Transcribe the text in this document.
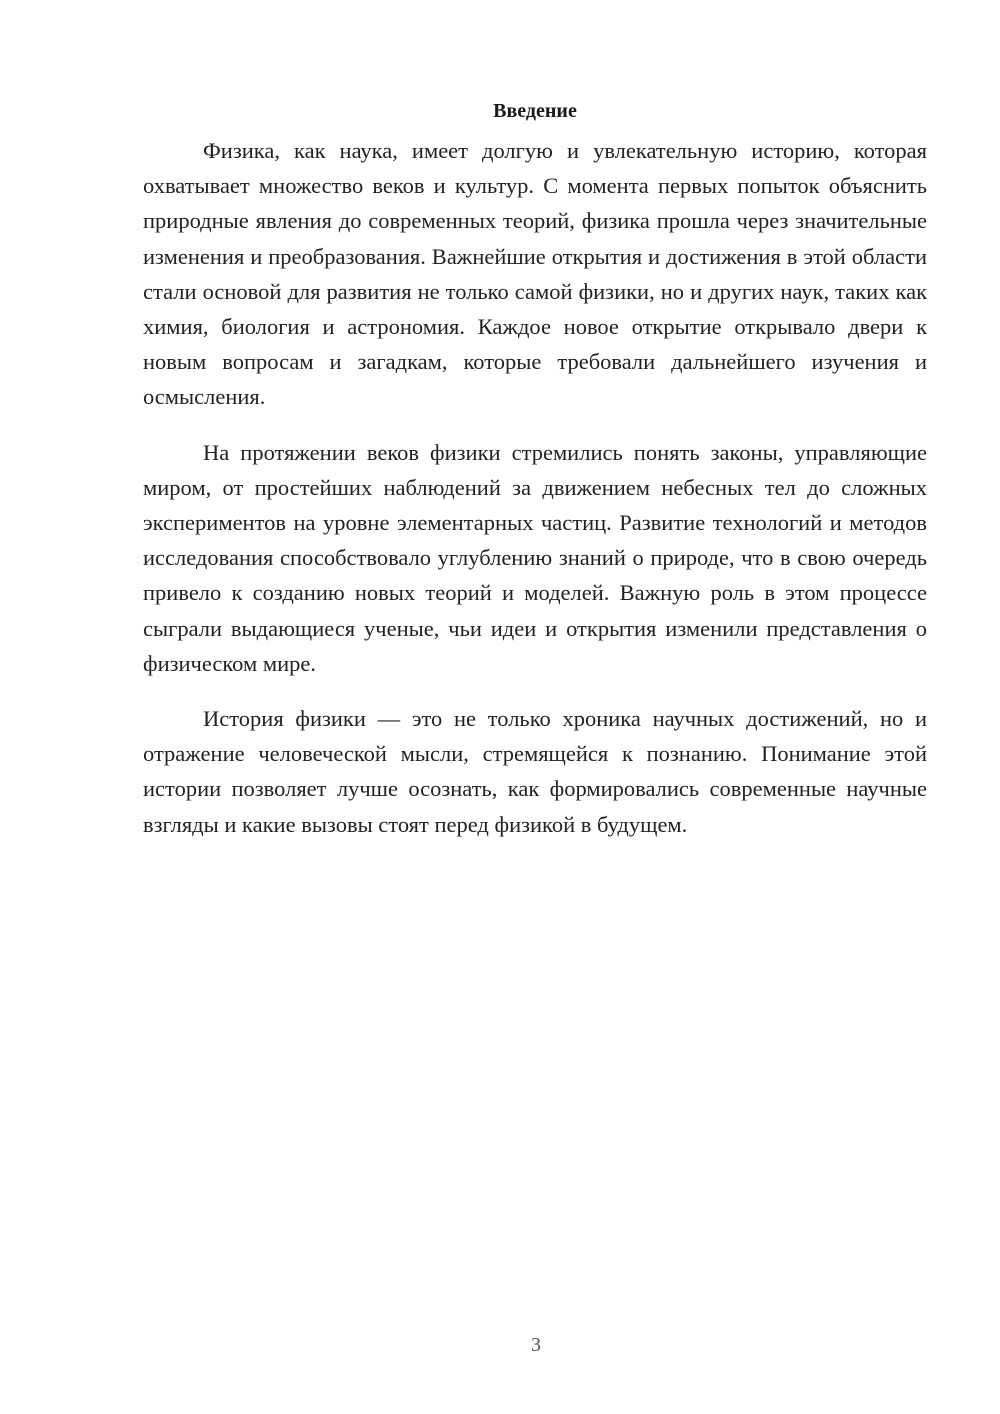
Введение

Физика, как наука, имеет долгую и увлекательную историю, которая охватывает множество веков и культур. С момента первых попыток объяснить природные явления до современных теорий, физика прошла через значительные изменения и преобразования. Важнейшие открытия и достижения в этой области стали основой для развития не только самой физики, но и других наук, таких как химия, биология и астрономия. Каждое новое открытие открывало двери к новым вопросам и загадкам, которые требовали дальнейшего изучения и осмысления.

На протяжении веков физики стремились понять законы, управляющие миром, от простейших наблюдений за движением небесных тел до сложных экспериментов на уровне элементарных частиц. Развитие технологий и методов исследования способствовало углублению знаний о природе, что в свою очередь привело к созданию новых теорий и моделей. Важную роль в этом процессе сыграли выдающиеся ученые, чьи идеи и открытия изменили представления о физическом мире.

История физики — это не только хроника научных достижений, но и отражение человеческой мысли, стремящейся к познанию. Понимание этой истории позволяет лучше осознать, как формировались современные научные взгляды и какие вызовы стоят перед физикой в будущем.

3
